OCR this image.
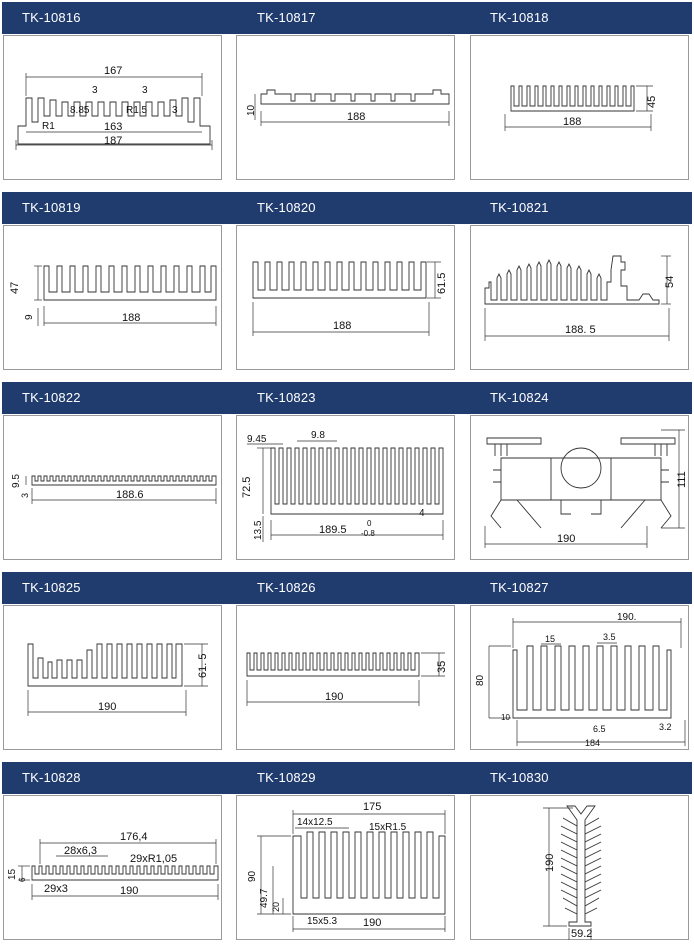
TK-10816	TK-10817	TK-10818
167
3	3
R1
8.85	R1.5 3
163
187
188
10
45
188
TK-10819	TK-10820	TK-10821
47
9	188
61.5
188
54
188. 5
TK-10822	TK-10823	TK-10824
9.5
3	188.6
9.45	9.8
72.5
13.5
4
189.5
0
-0.8
111
190
TK-10825	TK-10826	TK-10827
61. 5
190
35
190
190.
15	3.5
80
10
6.5	3.2
184
TK-10828	TK-10829	TK-10830
176,4
28x6,3
29xR1,05
15 6
29x3	190
175
14x12.5	15xR1.5
90
49.7 20
15x5.3 190
190
59.2
